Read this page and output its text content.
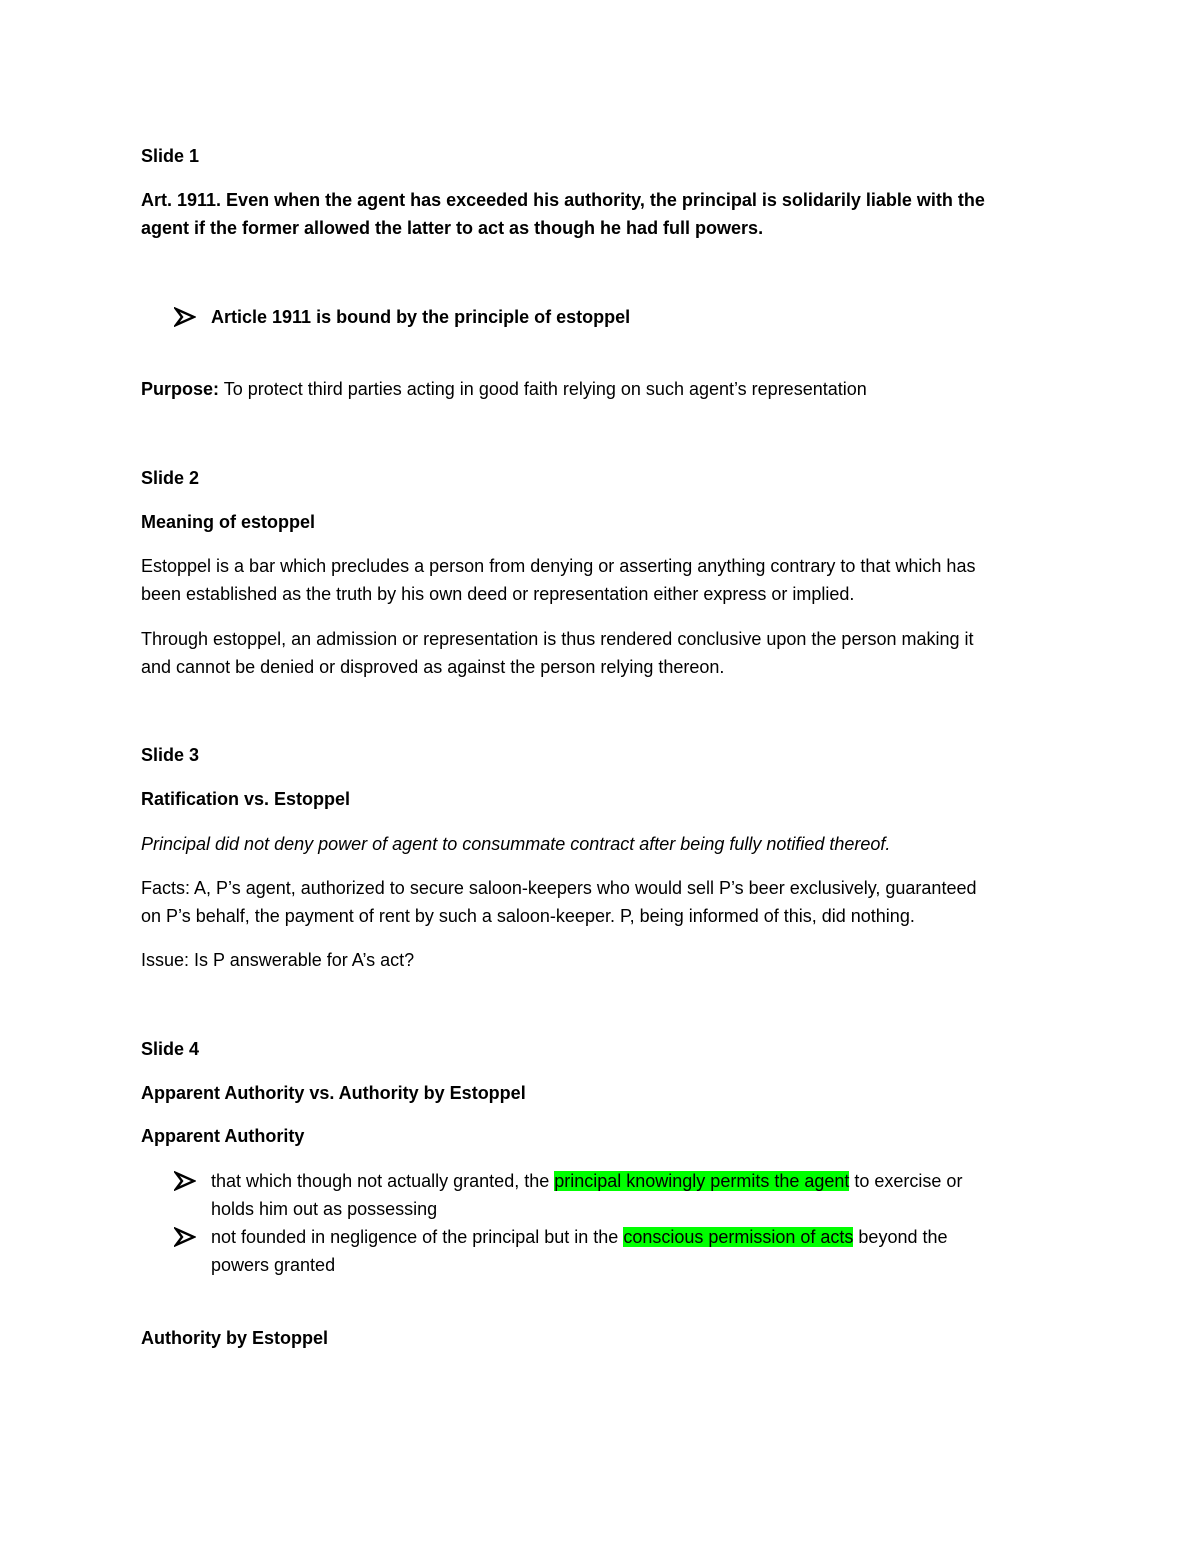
Slide 1
Art. 1911. Even when the agent has exceeded his authority, the principal is solidarily liable with the
agent if the former allowed the latter to act as though he had full powers.
Article 1911 is bound by the principle of estoppel
Purpose: To protect third parties acting in good faith relying on such agent’s representation
Slide 2
Meaning of estoppel
Estoppel is a bar which precludes a person from denying or asserting anything contrary to that which has
been established as the truth by his own deed or representation either express or implied.
Through estoppel, an admission or representation is thus rendered conclusive upon the person making it
and cannot be denied or disproved as against the person relying thereon.
Slide 3
Ratification vs. Estoppel
Principal did not deny power of agent to consummate contract after being fully notified thereof.
Facts: A, P’s agent, authorized to secure saloon-keepers who would sell P’s beer exclusively, guaranteed
on P’s behalf, the payment of rent by such a saloon-keeper. P, being informed of this, did nothing.
Issue: Is P answerable for A’s act?
Slide 4
Apparent Authority vs. Authority by Estoppel
Apparent Authority
that which though not actually granted, the principal knowingly permits the agent to exercise or
holds him out as possessing
not founded in negligence of the principal but in the conscious permission of acts beyond the
powers granted
Authority by Estoppel
